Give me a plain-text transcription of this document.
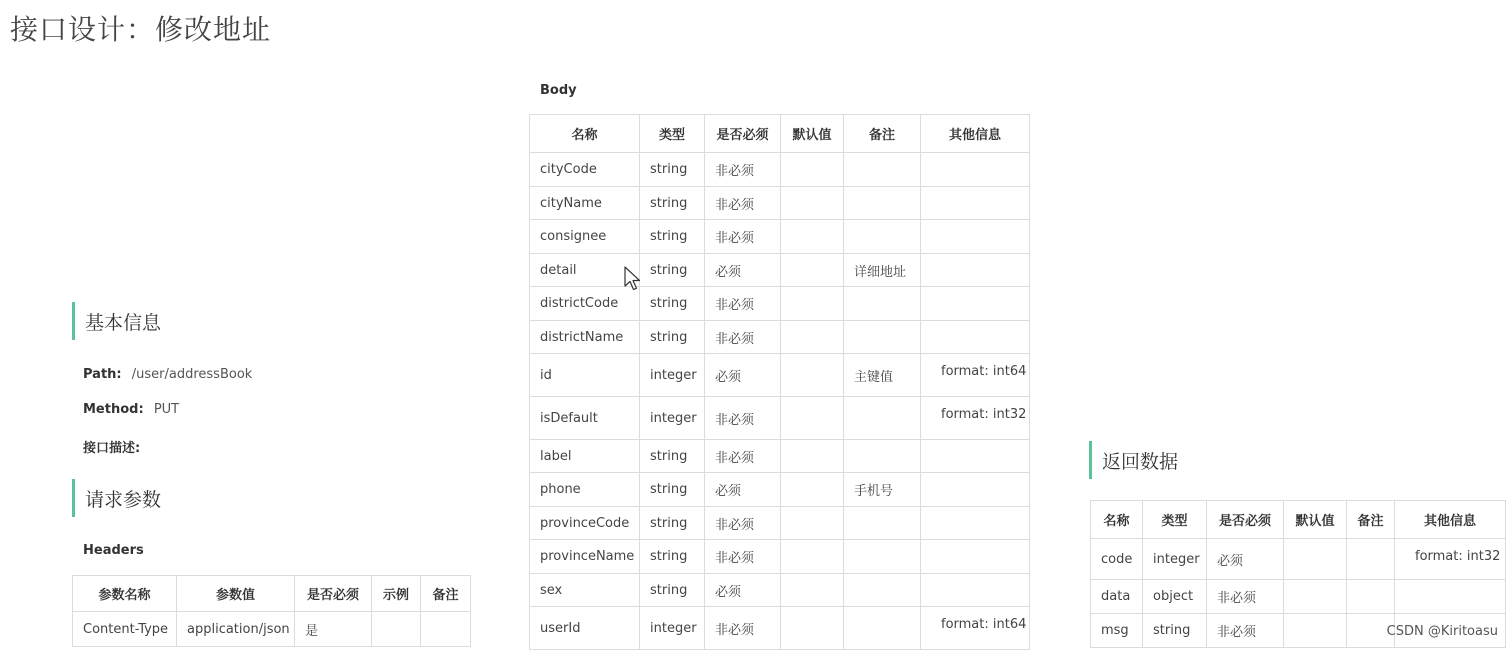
接口设计：修改地址
基本信息
Path: /user/addressBook
Method: PUT
接口描述:
请求参数
Headers
参数名称	参数值	是否必须	示例	备注
Content-Type	application/json	是		
Body
名称	类型	是否必须	默认值	备注	其他信息
cityCode	string	非必须			
cityName	string	非必须			
consignee	string	非必须			
detail	string	必须		详细地址	
districtCode	string	非必须			
districtName	string	非必须			
id	integer	必须		主键值	format: int64
isDefault	integer	非必须			format: int32
label	string	非必须			
phone	string	必须		手机号	
provinceCode	string	非必须			
provinceName	string	非必须			
sex	string	必须			
userId	integer	非必须			format: int64
返回数据
名称	类型	是否必须	默认值	备注	其他信息
code	integer	必须			format: int32
data	object	非必须			
msg	string	非必须				CSDN @Kiritoasu
